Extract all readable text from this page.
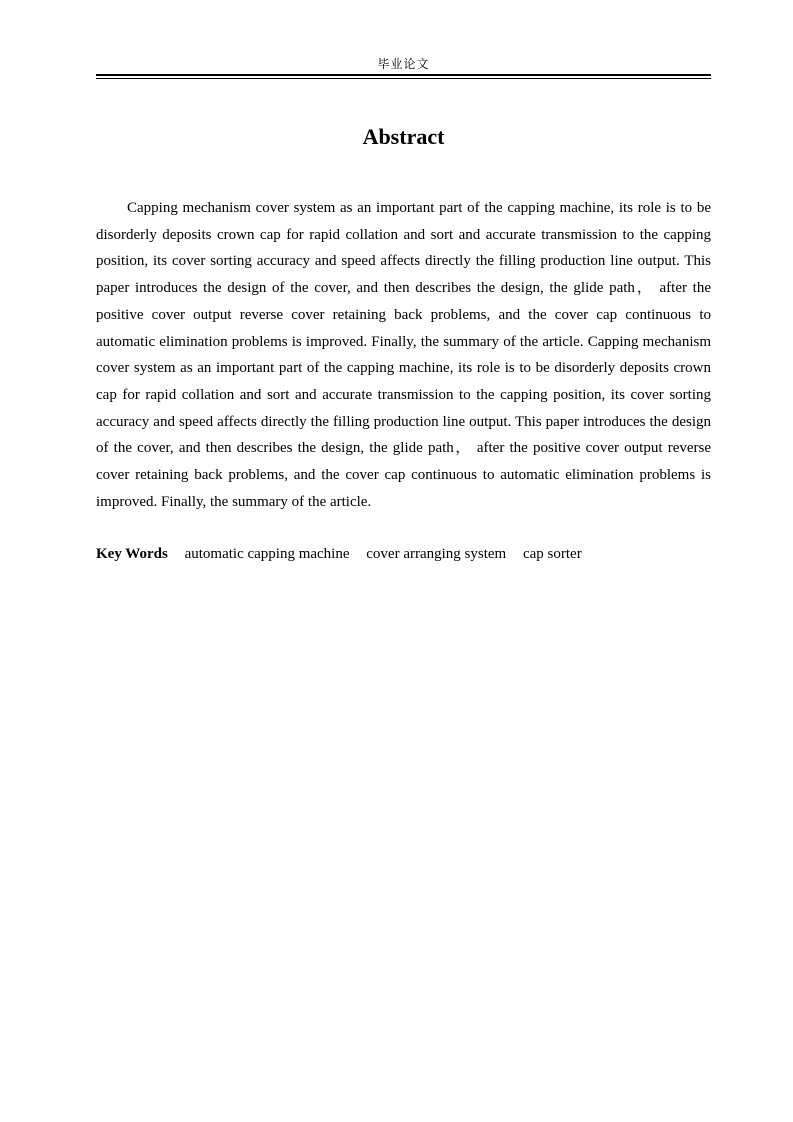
毕业论文
Abstract

Capping mechanism cover system as an important part of the capping machine, its role is to be disorderly deposits crown cap for rapid collation and sort and accurate transmission to the capping position, its cover sorting accuracy and speed affects directly the filling production line output. This paper introduces the design of the cover, and then describes the design, the glide path， after the positive cover output reverse cover retaining back problems, and the cover cap continuous to automatic elimination problems is improved. Finally, the summary of the article. Capping mechanism cover system as an important part of the capping machine, its role is to be disorderly deposits crown cap for rapid collation and sort and accurate transmission to the capping position, its cover sorting accuracy and speed affects directly the filling production line output. This paper introduces the design of the cover, and then describes the design, the glide path， after the positive cover output reverse cover retaining back problems, and the cover cap continuous to automatic elimination problems is improved. Finally, the summary of the article.

Key Words automatic capping machine cover arranging system cap sorter
